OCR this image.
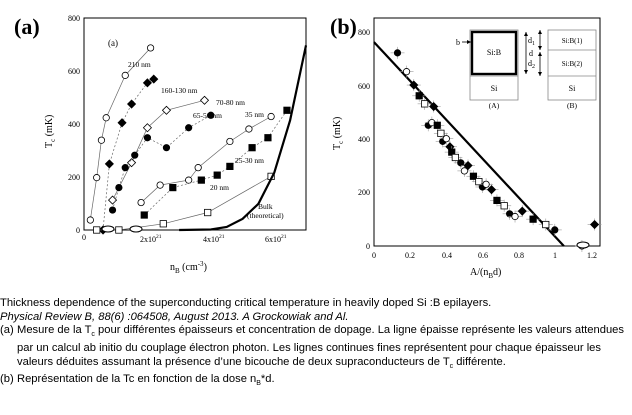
(a)
(a)
0
200
400
600
800
0	$2x10^{21}$	$4x10^{21}$	$6x10^{21}$
$n_B$ $(cm^{-3})$
$T_c$ (mK)
210 nm
160-130 nm
70-80 nm
65-50 nm	35 nm
25-30 nm
20 nm
Bulk
(theoretical)
(b)
0
200
400
600
800
0	0.2	0.4	0.6	0.8	1	1.2
$A/(n_Bd)$
$T_c$ (mK)
Si:B
Si
b
d
(A)
Si:B(1)
Si:B(2)
Si
$d_1$
$d_2$
(B)

Thickness dependence of the superconducting critical temperature in heavily doped Si :B epilayers.

Physical Review B, 88(6) :064508, August 2013. A Grockowiak and Al.

(a) Mesure de la $T_c$ pour différentes épaisseurs et concentration de dopage. La ligne épaisse représente les valeurs attendues par un calcul ab initio du couplage électron photon. Les lignes continues fines représentent pour chaque épaisseur les valeurs déduites assumant la présence d’une bicouche de deux supraconducteurs de $T_c$ différente.
(b) Représentation de la Tc en fonction de la dose $n_B*d$.
